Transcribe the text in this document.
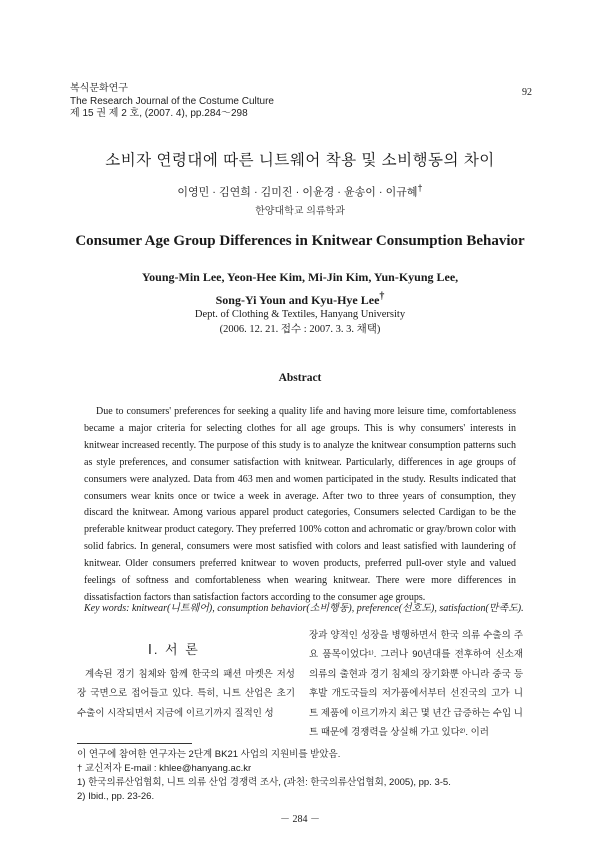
복식문화연구
The Research Journal of the Costume Culture
제 15 권 제 2 호, (2007. 4), pp.284～298
92
소비자 연령대에 따른 니트웨어 착용 및 소비행동의 차이
이영민 · 김연희 · 김미진 · 이윤경 · 윤송이 · 이규혜†
한양대학교 의류학과
Consumer Age Group Differences in Knitwear Consumption Behavior
Young-Min Lee, Yeon-Hee Kim, Mi-Jin Kim, Yun-Kyung Lee,
Song-Yi Youn and Kyu-Hye Lee†
Dept. of Clothing & Textiles, Hanyang University
(2006. 12. 21. 접수 : 2007. 3. 3. 채택)
Abstract
Due to consumers' preferences for seeking a quality life and having more leisure time, comfortableness became a major criteria for selecting clothes for all age groups. This is why consumers' interests in knitwear increased recently. The purpose of this study is to analyze the knitwear consumption patterns such as style preferences, and consumer satisfaction with knitwear. Particularly, differences in age groups of consumers were analyzed. Data from 463 men and women participated in the study. Results indicated that consumers wear knits once or twice a week in average. After two to three years of consumption, they discard the knitwear. Among various apparel product categories, Consumers selected Cardigan to be the preferable knitwear product category. They preferred 100% cotton and achromatic or gray/brown color with solid fabrics. In general, consumers were most satisfied with colors and least satisfied with laundering of knitwear. Older consumers preferred knitwear to woven products, preferred pull-over style and valued feelings of softness and comfortableness when wearing knitwear. There were more differences in dissatisfaction factors than satisfaction factors according to the consumer age groups.
Key words: knitwear(니트웨어), consumption behavior(소비행동), preference(선호도), satisfaction(만족도).
Ⅰ. 서 론
계속된 경기 침체와 함께 한국의 패션 마켓은 저성장 국면으로 접어들고 있다. 특히, 니트 산업은 초기 수출이 시작되면서 지금에 이르기까지 질적인 성
장과 양적인 성장을 병행하면서 한국 의류 수출의 주요 품목이었다¹⁾. 그러나 90년대를 전후하여 신소재 의류의 출현과 경기 침체의 장기화뿐 아니라 중국 등 후발 개도국들의 저가품에서부터 선진국의 고가 니트 제품에 이르기까지 최근 몇 년간 급증하는 수입 니트 때문에 경쟁력을 상실해 가고 있다²⁾. 이러
이 연구에 참여한 연구자는 2단계 BK21 사업의 지원비를 받았음.
† 교신저자 E-mail : khlee@hanyang.ac.kr
1) 한국의류산업협회, 니트 의류 산업 경쟁력 조사, (과천: 한국의류산업협회, 2005), pp. 3-5.
2) Ibid., pp. 23-26.
－ 284 －
